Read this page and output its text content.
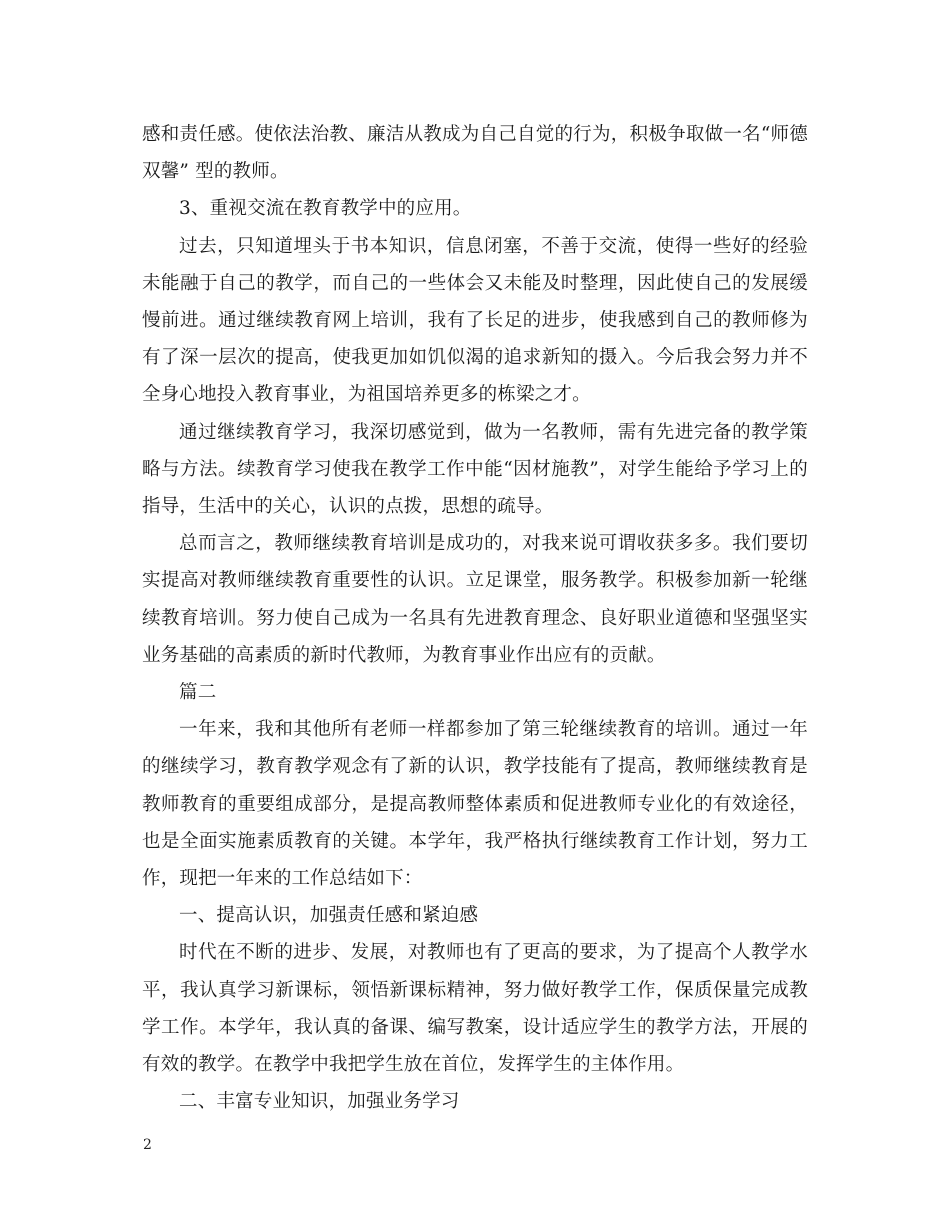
感和责任感。使依法治教、廉洁从教成为自己自觉的行为，积极争取做一名“师德双馨” 型的教师。

3、重视交流在教育教学中的应用。

过去，只知道埋头于书本知识，信息闭塞，不善于交流，使得一些好的经验未能融于自己的教学，而自己的一些体会又未能及时整理，因此使自己的发展缓慢前进。通过继续教育网上培训，我有了长足的进步，使我感到自己的教师修为有了深一层次的提高，使我更加如饥似渴的追求新知的摄入。今后我会努力并不全身心地投入教育事业，为祖国培养更多的栋梁之才。

通过继续教育学习，我深切感觉到，做为一名教师，需有先进完备的教学策略与方法。续教育学习使我在教学工作中能“因材施教”，对学生能给予学习上的指导，生活中的关心，认识的点拨，思想的疏导。

总而言之，教师继续教育培训是成功的，对我来说可谓收获多多。我们要切实提高对教师继续教育重要性的认识。立足课堂，服务教学。积极参加新一轮继续教育培训。努力使自己成为一名具有先进教育理念、良好职业道德和坚强坚实业务基础的高素质的新时代教师，为教育事业作出应有的贡献。

篇二

一年来，我和其他所有老师一样都参加了第三轮继续教育的培训。通过一年的继续学习，教育教学观念有了新的认识，教学技能有了提高，教师继续教育是教师教育的重要组成部分，是提高教师整体素质和促进教师专业化的有效途径，也是全面实施素质教育的关键。本学年，我严格执行继续教育工作计划，努力工作，现把一年来的工作总结如下：

一、提高认识，加强责任感和紧迫感

时代在不断的进步、发展，对教师也有了更高的要求，为了提高个人教学水平，我认真学习新课标，领悟新课标精神，努力做好教学工作，保质保量完成教学工作。本学年，我认真的备课、编写教案，设计适应学生的教学方法，开展的有效的教学。在教学中我把学生放在首位，发挥学生的主体作用。

二、丰富专业知识，加强业务学习

2
